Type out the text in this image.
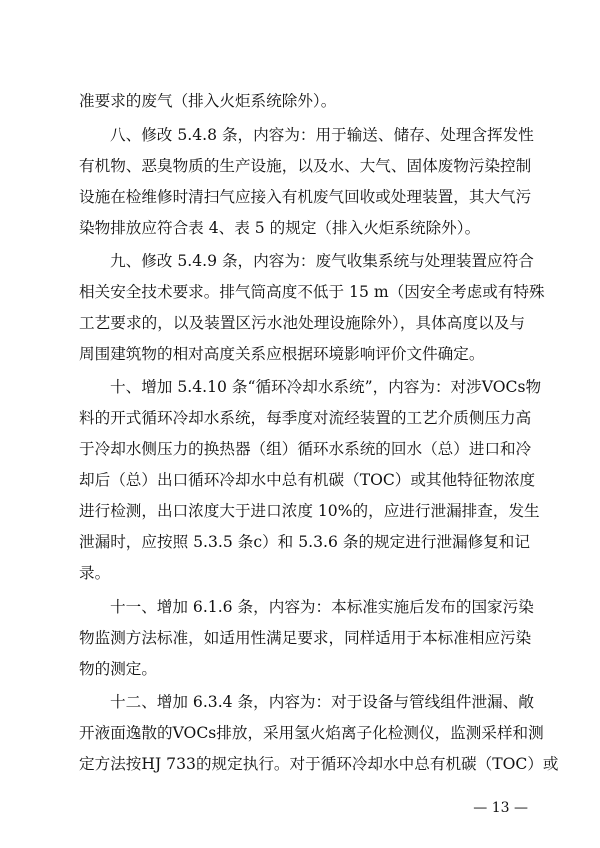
准要求的废气（排入火炬系统除外）。
八、修改 5.4.8 条，内容为：用于输送、储存、处理含挥发性
有机物、恶臭物质的生产设施，以及水、大气、固体废物污染控制
设施在检维修时清扫气应接入有机废气回收或处理装置，其大气污
染物排放应符合表 4、表 5 的规定（排入火炬系统除外）。
九、修改 5.4.9 条，内容为：废气收集系统与处理装置应符合
相关安全技术要求。排气筒高度不低于 15 m（因安全考虑或有特殊
工艺要求的，以及装置区污水池处理设施除外），具体高度以及与
周围建筑物的相对高度关系应根据环境影响评价文件确定。
十、增加 5.4.10 条“循环冷却水系统”，内容为：对涉VOCs物
料的开式循环冷却水系统，每季度对流经装置的工艺介质侧压力高
于冷却水侧压力的换热器（组）循环水系统的回水（总）进口和冷
却后（总）出口循环冷却水中总有机碳（TOC）或其他特征物浓度
进行检测，出口浓度大于进口浓度 10%的，应进行泄漏排查，发生
泄漏时，应按照 5.3.5 条c）和 5.3.6 条的规定进行泄漏修复和记
录。
十一、增加 6.1.6 条，内容为：本标准实施后发布的国家污染
物监测方法标准，如适用性满足要求，同样适用于本标准相应污染
物的测定。
十二、增加 6.3.4 条，内容为：对于设备与管线组件泄漏、敞
开液面逸散的VOCs排放，采用氢火焰离子化检测仪，监测采样和测
定方法按HJ 733的规定执行。对于循环冷却水中总有机碳（TOC）或
— 13 —
